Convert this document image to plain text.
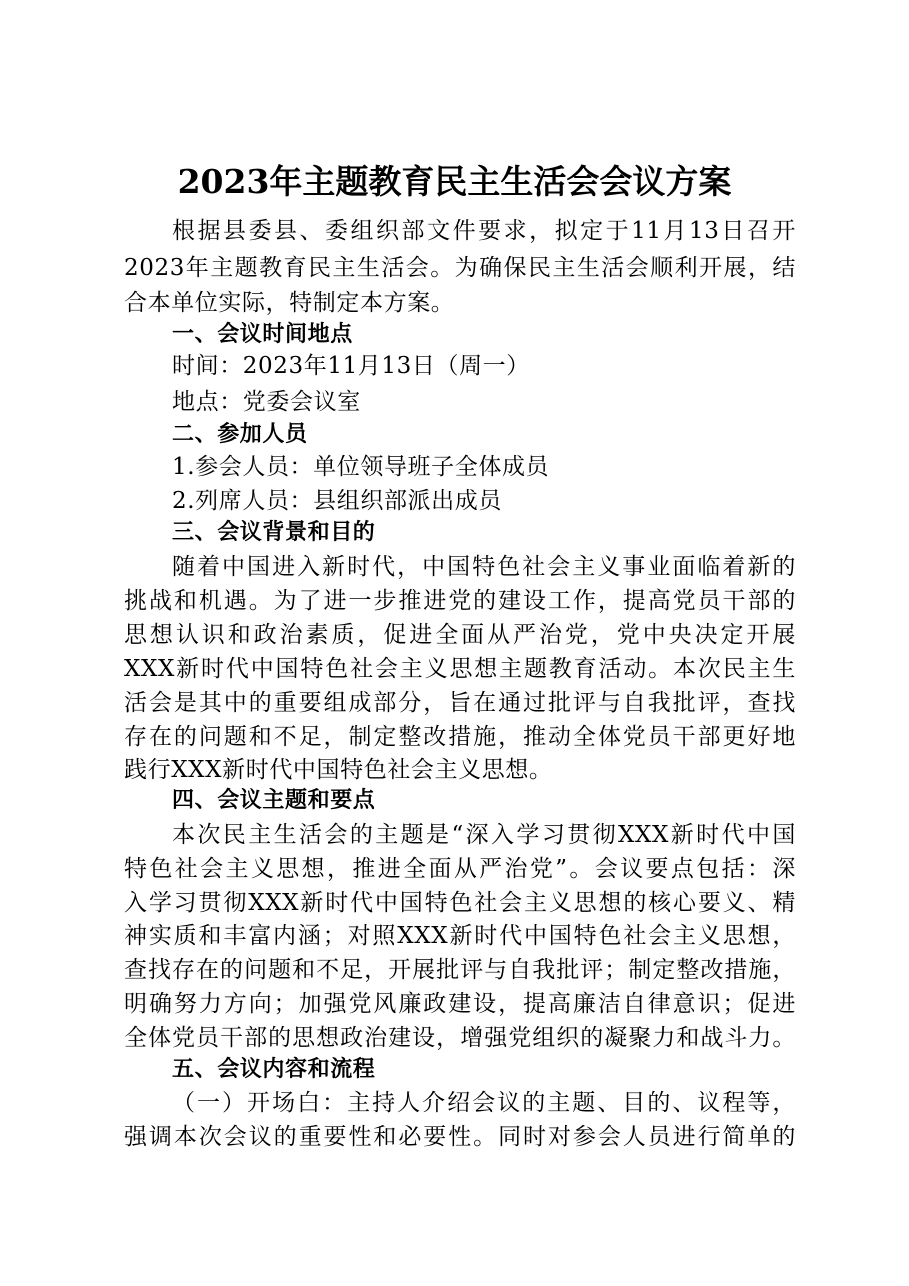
2023年主题教育民主生活会会议方案
根据县委县、委组织部文件要求，拟定于11月13日召开
2023年主题教育民主生活会。为确保民主生活会顺利开展，结
合本单位实际，特制定本方案。
一、会议时间地点
时间：2023年11月13日（周一）
地点：党委会议室
二、参加人员
1.参会人员：单位领导班子全体成员
2.列席人员：县组织部派出成员
三、会议背景和目的
随着中国进入新时代，中国特色社会主义事业面临着新的
挑战和机遇。为了进一步推进党的建设工作，提高党员干部的
思想认识和政治素质，促进全面从严治党，党中央决定开展
XXX新时代中国特色社会主义思想主题教育活动。本次民主生
活会是其中的重要组成部分，旨在通过批评与自我批评，查找
存在的问题和不足，制定整改措施，推动全体党员干部更好地
践行XXX新时代中国特色社会主义思想。
四、会议主题和要点
本次民主生活会的主题是“深入学习贯彻XXX新时代中国
特色社会主义思想，推进全面从严治党”。会议要点包括：深
入学习贯彻XXX新时代中国特色社会主义思想的核心要义、精
神实质和丰富内涵；对照XXX新时代中国特色社会主义思想，
查找存在的问题和不足，开展批评与自我批评；制定整改措施，
明确努力方向；加强党风廉政建设，提高廉洁自律意识；促进
全体党员干部的思想政治建设，增强党组织的凝聚力和战斗力。
五、会议内容和流程
（一）开场白：主持人介绍会议的主题、目的、议程等，
强调本次会议的重要性和必要性。同时对参会人员进行简单的
